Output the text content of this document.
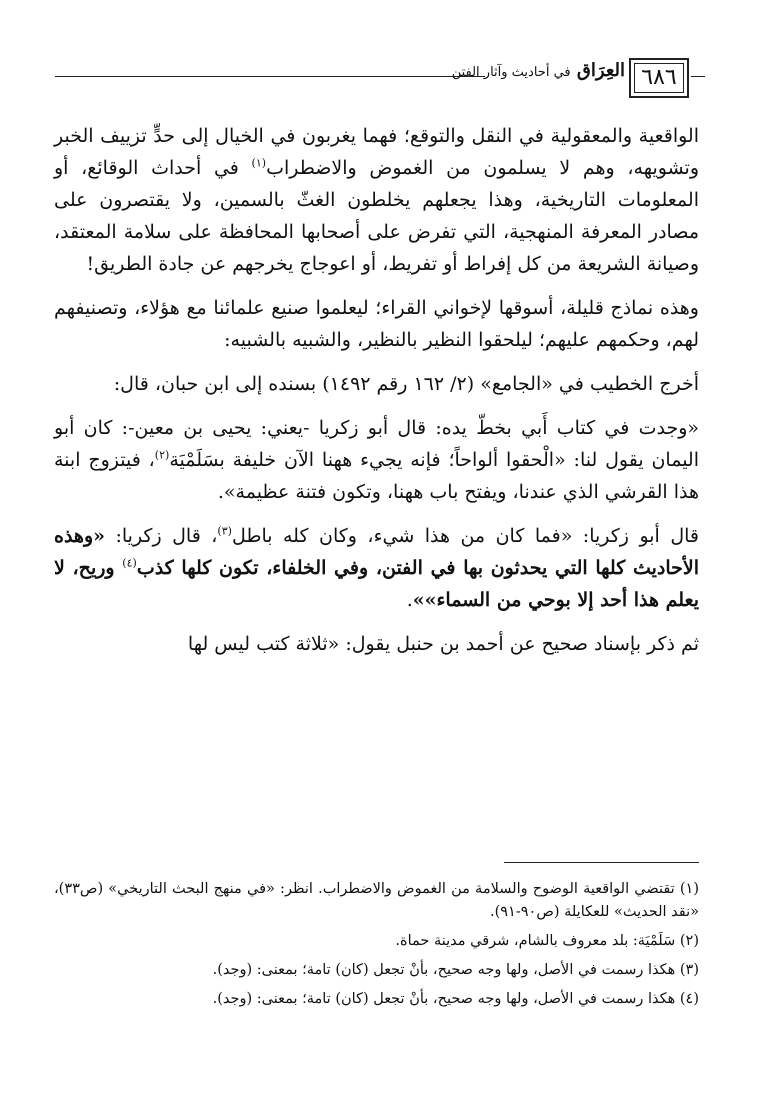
٦٨٦
العِرَاق في أحاديث وآثار الفتن

الواقعية والمعقولية في النقل والتوقع؛ فهما يغربون في الخيال إلى حدٍّ تزييف الخبر وتشويهه، وهم لا يسلمون من الغموض والاضطراب$^{(١)}$ في أحداث الوقائع، أو المعلومات التاريخية، وهذا يجعلهم يخلطون الغثّ بالسمين، ولا يقتصرون على مصادر المعرفة المنهجية، التي تفرض على أصحابها المحافظة على سلامة المعتقد، وصيانة الشريعة من كل إفراط أو تفريط، أو اعوجاج يخرجهم عن جادة الطريق!

وهذه نماذج قليلة، أسوقها لإخواني القراء؛ ليعلموا صنيع علمائنا مع هؤلاء، وتصنيفهم لهم، وحكمهم عليهم؛ ليلحقوا النظير بالنظير، والشبيه بالشبيه:

أخرج الخطيب في «الجامع» (٢/ ١٦٢ رقم ١٤٩٢) بسنده إلى ابن حبان، قال:

«وجدت في كتاب أَبي بخطّ يده: قال أبو زكريا -يعني: يحيى بن معين-: كان أبو اليمان يقول لنا: «الْحقوا ألواحاً؛ فإنه يجيء ههنا الآن خليفة بسَلَمْيَة$^{(٢)}$، فيتزوج ابنة هذا القرشي الذي عندنا، ويفتح باب ههنا، وتكون فتنة عظيمة».

قال أبو زكريا: «فما كان من هذا شيء، وكان كله باطل$^{(٣)}$، قال زكريا: «وهذه الأحاديث كلها التي يحدثون بها في الفتن، وفي الخلفاء، تكون كلها كذب$^{(٤)}$ وريح، لا يعلم هذا أحد إلا بوحي من السماء»».

ثم ذكر بإسناد صحيح عن أحمد بن حنبل يقول: «ثلاثة كتب ليس لها

(١) تقتضي الواقعية الوضوح والسلامة من الغموض والاضطراب. انظر: «في منهج البحث التاريخي» (ص٣٣)، «نقد الحديث» للعكايلة (ص٩٠-٩١).

(٢) سَلَمْيَة: بلد معروف بالشام، شرقي مدينة حماة.

(٣) هكذا رسمت في الأصل، ولها وجه صحيح، بأنْ تجعل (كان) تامة؛ بمعنى: (وجد).

(٤) هكذا رسمت في الأصل، ولها وجه صحيح، بأنْ تجعل (كان) تامة؛ بمعنى: (وجد).
